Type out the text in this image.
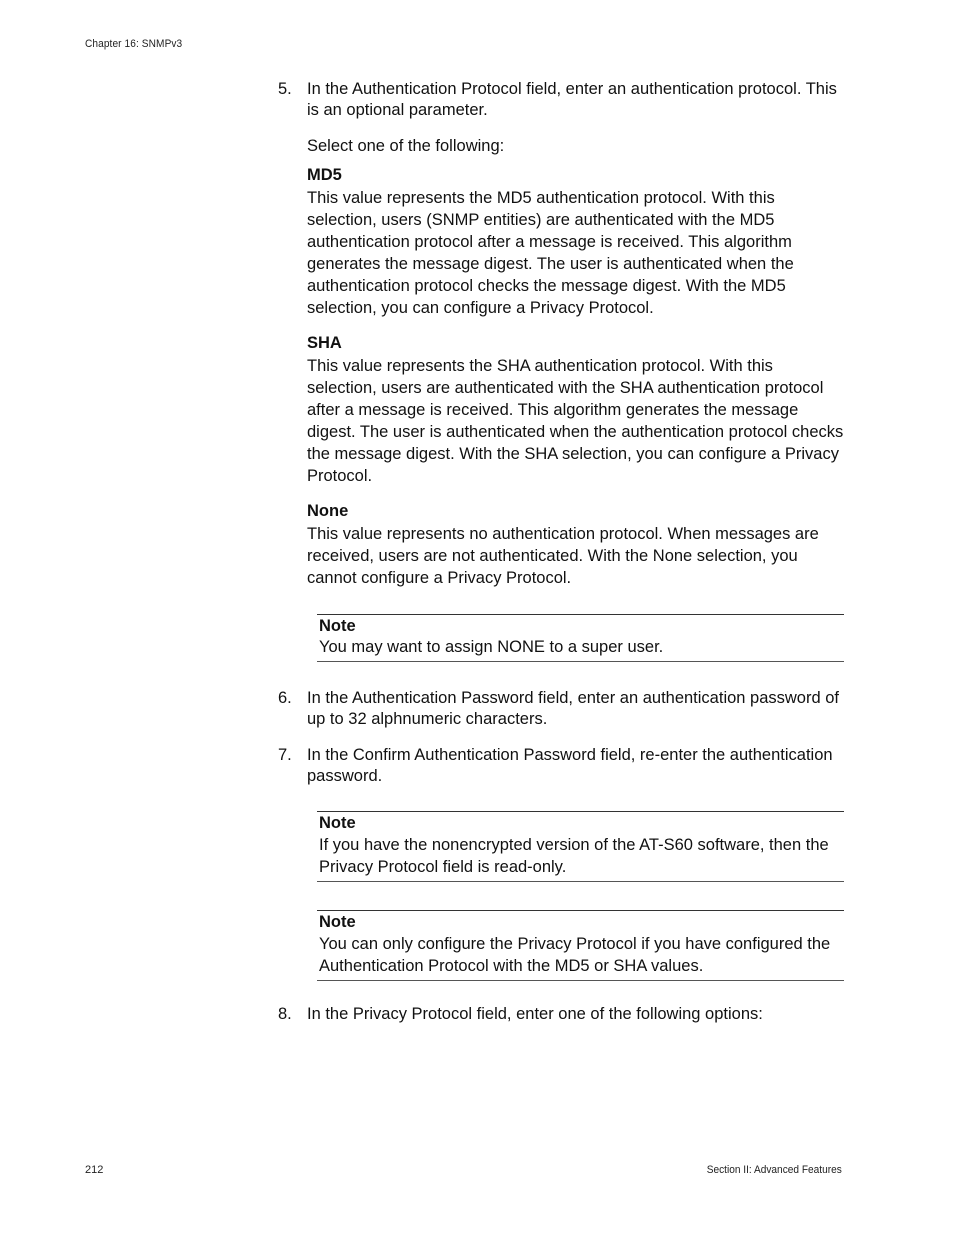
Chapter 16: SNMPv3
5. In the Authentication Protocol field, enter an authentication protocol. This is an optional parameter.

Select one of the following:
MD5

This value represents the MD5 authentication protocol. With this selection, users (SNMP entities) are authenticated with the MD5 authentication protocol after a message is received. This algorithm generates the message digest. The user is authenticated when the authentication protocol checks the message digest. With the MD5 selection, you can configure a Privacy Protocol.

SHA

This value represents the SHA authentication protocol. With this selection, users are authenticated with the SHA authentication protocol after a message is received. This algorithm generates the message digest. The user is authenticated when the authentication protocol checks the message digest. With the SHA selection, you can configure a Privacy Protocol.

None

This value represents no authentication protocol. When messages are received, users are not authenticated. With the None selection, you cannot configure a Privacy Protocol.

Note
You may want to assign NONE to a super user.
6. In the Authentication Password field, enter an authentication password of up to 32 alphnumeric characters.

7. In the Confirm Authentication Password field, re-enter the authentication password.

Note
If you have the nonencrypted version of the AT-S60 software, then the Privacy Protocol field is read-only.
Note
You can only configure the Privacy Protocol if you have configured the Authentication Protocol with the MD5 or SHA values.
8. In the Privacy Protocol field, enter one of the following options:

212	Section II: Advanced Features
